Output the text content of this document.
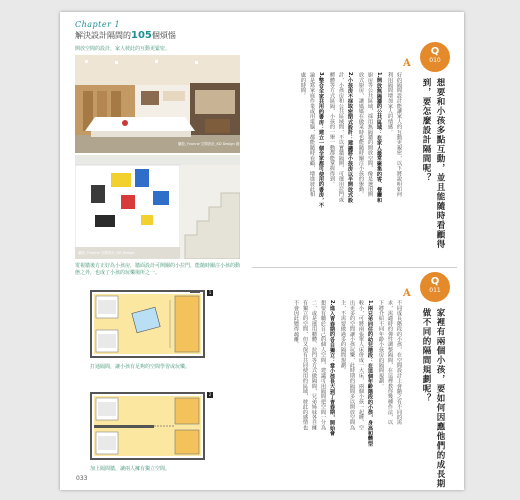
Chapter 1
解決設計隔間的105個煩惱
開放空間的設計，家人彼此的互動更緊密。
攝影_Yvonne 空間設計_KD Design
攝影_Yvonne 空間設計_KD Design 創意
電視牆後方正好為小孩房，牆面設計可開關的小拉門，能隨時關注小孩的動態之外，也成了小孩的玩樂場所之一。
Q
010
想要和小孩多點互動，並且能隨時看顧得
到，要怎麼設計隔間呢？
A
好的隔間設計能讓家人的互動更親密，以下將說明如何
利用隔間增加家人的情感。
1.開放無隔牆的公共區域：在家人最常聚集的客、餐廳和
廚房等公共區域，採用無隔牆的開放空間，像是選用開
放式廚房，讓媽媽在做菜時也能隨時關注小孩的舉動。
2.小孩房不採取密閉式設計：建議將小孩房以半開放式設
計，小孩房和公共區域間，不以實牆隔開，可運用拉門或
櫃體等方式區隔，小孩的一舉一動都能掌握得到。
3.整合全家共用的書房：建立一個全家都可使用的書房，不
論是寫家庭作業或用電腦，都能隨時看顧，增進彼此相
處的時間。
Q
011
家裡有兩個小孩，要如何因應他們的成長期
做不同的隔間規劃呢？
A
不同成長階段的小孩，在空間設計上會隨之有不同的需
求，需適時的彈性調整隔間，在這裡教你幾種作法，以
下將介紹不同年齡小孩房的隔間規劃。
1.兩兄弟同住的幼兒階段：在這個年齡階段的小孩，身高和體型
較小，可將兩張單人床併成一大床，兩個小孩一起睡，空
出更多的空間讓小孩玩樂，此時期的隔間多以開放空間為
主，不需要做過多的隔間規劃。
2.進入青春期的各自獨立：當小孩長大到了青春期，開始會
想要有屬於自己的個人空間，建議可用隔間把空間一分為
二，或是運用櫃體、拉門等方式做隔間，兄弟姊妹各自擁
有獨立的空間，但又保有共同使用的區域，彼此的感情也
不會因此變得疏離。
1
打通隔間，讓小孩有足夠的空間學習或玩樂。
2
加上隔間牆，讓兩人擁有獨立空間。
033
